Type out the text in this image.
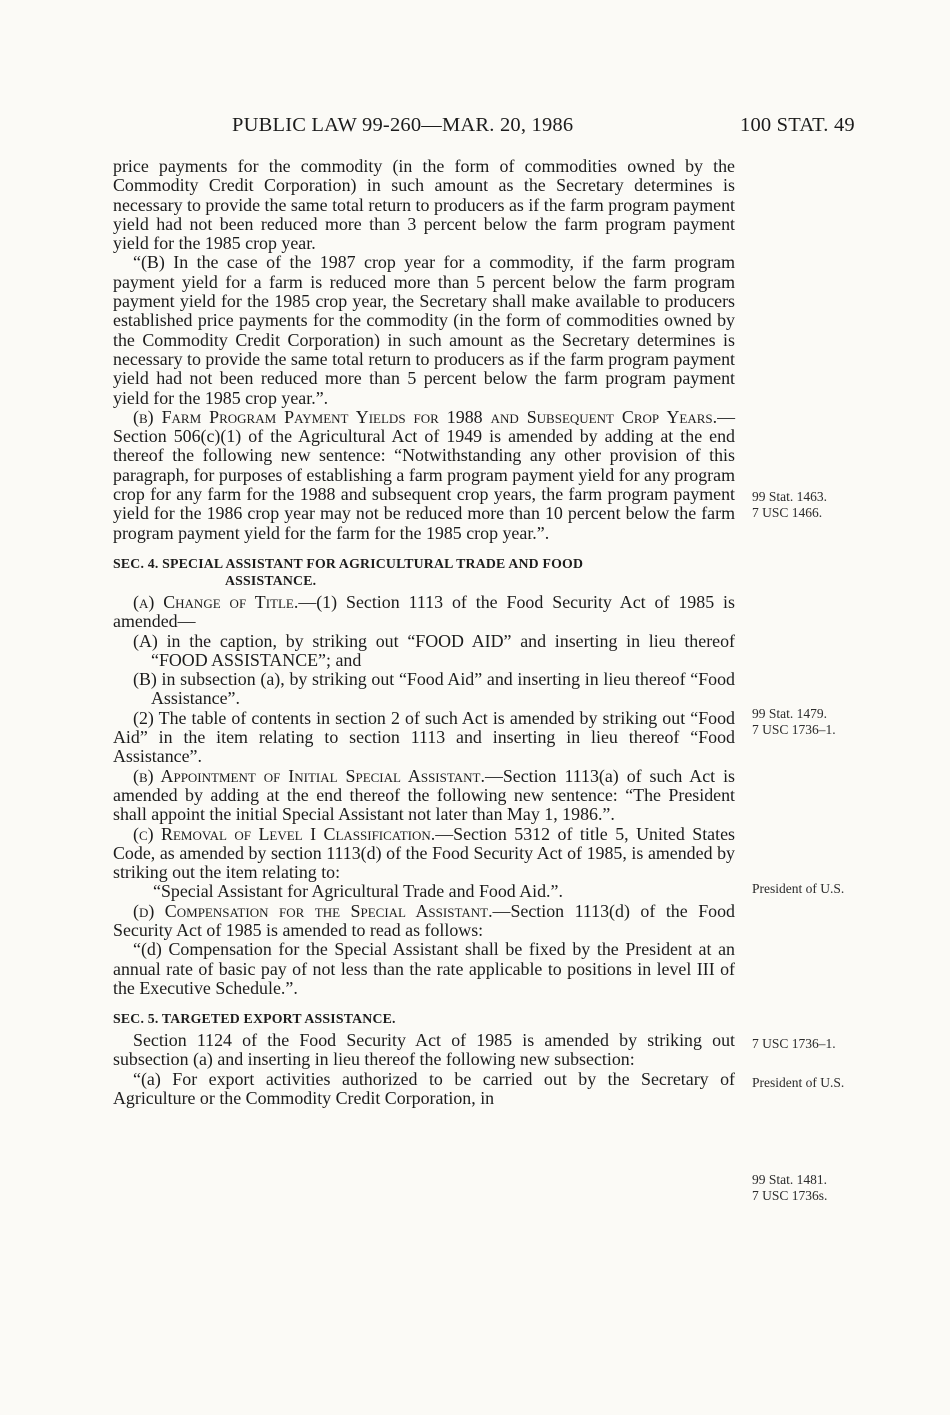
PUBLIC LAW 99-260—MAR. 20, 1986	100 STAT. 49

price payments for the commodity (in the form of commodities owned by the Commodity Credit Corporation) in such amount as the Secretary determines is necessary to provide the same total return to producers as if the farm program payment yield had not been reduced more than 3 percent below the farm program payment yield for the 1985 crop year.

“(B) In the case of the 1987 crop year for a commodity, if the farm program payment yield for a farm is reduced more than 5 percent below the farm program payment yield for the 1985 crop year, the Secretary shall make available to producers established price payments for the commodity (in the form of commodities owned by the Commodity Credit Corporation) in such amount as the Secretary determines is necessary to provide the same total return to producers as if the farm program payment yield had not been reduced more than 5 percent below the farm program payment yield for the 1985 crop year.”.

(b) Farm Program Payment Yields for 1988 and Subsequent Crop Years.—Section 506(c)(1) of the Agricultural Act of 1949 is amended by adding at the end thereof the following new sentence: “Notwithstanding any other provision of this paragraph, for purposes of establishing a farm program payment yield for any program crop for any farm for the 1988 and subsequent crop years, the farm program payment yield for the 1986 crop year may not be reduced more than 10 percent below the farm program payment yield for the farm for the 1985 crop year.”.

SEC. 4. SPECIAL ASSISTANT FOR AGRICULTURAL TRADE AND FOOD
ASSISTANCE.

(a) Change of Title.—(1) Section 1113 of the Food Security Act of 1985 is amended—

(A) in the caption, by striking out “FOOD AID” and inserting in lieu thereof “FOOD ASSISTANCE”; and

(B) in subsection (a), by striking out “Food Aid” and inserting in lieu thereof “Food Assistance”.

(2) The table of contents in section 2 of such Act is amended by striking out “Food Aid” in the item relating to section 1113 and inserting in lieu thereof “Food Assistance”.

(b) Appointment of Initial Special Assistant.—Section 1113(a) of such Act is amended by adding at the end thereof the following new sentence: “The President shall appoint the initial Special Assistant not later than May 1, 1986.”.

(c) Removal of Level I Classification.—Section 5312 of title 5, United States Code, as amended by section 1113(d) of the Food Security Act of 1985, is amended by striking out the item relating to:

“Special Assistant for Agricultural Trade and Food Aid.”.

(d) Compensation for the Special Assistant.—Section 1113(d) of the Food Security Act of 1985 is amended to read as follows:

“(d) Compensation for the Special Assistant shall be fixed by the President at an annual rate of basic pay of not less than the rate applicable to positions in level III of the Executive Schedule.”.

SEC. 5. TARGETED EXPORT ASSISTANCE.

Section 1124 of the Food Security Act of 1985 is amended by striking out subsection (a) and inserting in lieu thereof the following new subsection:

“(a) For export activities authorized to be carried out by the Secretary of Agriculture or the Commodity Credit Corporation, in

99 Stat. 1463.
7 USC 1466.
99 Stat. 1479.
7 USC 1736–1.
President of U.S.
7 USC 1736–1.
President of U.S.
99 Stat. 1481.
7 USC 1736s.
